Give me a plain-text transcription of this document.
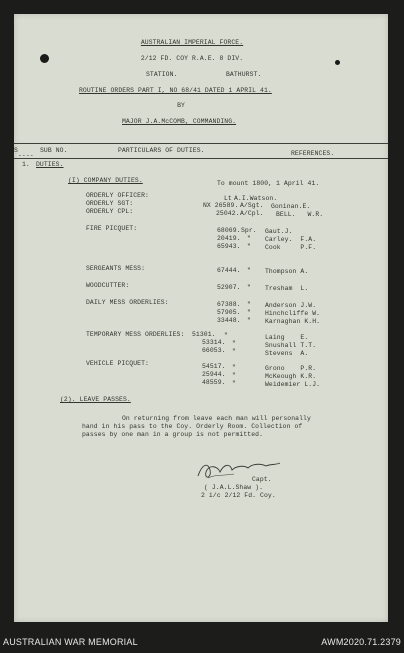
AUSTRALIAN IMPERIAL FORCE.
2/12 FD. COY R.A.E. 8 DIV.
STATION.	BATHURST.
ROUTINE ORDERS PART I, NO 68/41 DATED 1 APRIL 41.
BY
MAJOR J.A.McCOMB, COMMANDING.
S	SUB NO.	PARTICULARS OF DUTIES.	REFERENCES.
----
1. DUTIES.
(I) COMPANY DUTIES.	To mount 1800, 1 April 41.
ORDERLY OFFICER:	Lt A.I.Watson.
ORDERLY SGT:	NX 26589. A/Sgt. Goninan.E.
ORDERLY CPL:	25042. A/Cpl. BELL.   W.R.
FIRE PICQUET:	68069. Spr. Gaut.J.
20419. " Carley.  F.A.
65943. " Cook     P.F.
SERGEANTS MESS:	67444. " Thompson A.
WOODCUTTER:	52907. " Tresham  L.
DAILY MESS ORDERLIES:	67388. " Anderson J.W.
57905. " Hinchcliffe W.
33448. " Karnaghan K.H.
TEMPORARY MESS ORDERLIES: 51301. "	Laing    E.
53314. "	Snushall T.T.
66053. "	Stevens  A.
VEHICLE PICQUET:	54517. "	Grono    P.R.
25944. "	McKeough K.R.
48559. "	Weidemier L.J.
(2). LEAVE PASSES.
On returning from leave each man will personally
hand in his pass to the Coy. Orderly Room. Collection of
passes by one man in a group is not permitted.
Capt.
( J.A.L.Shaw ).
2 i/c 2/12 Fd. Coy.
AUSTRALIAN WAR MEMORIAL	AWM2020.71.2379
